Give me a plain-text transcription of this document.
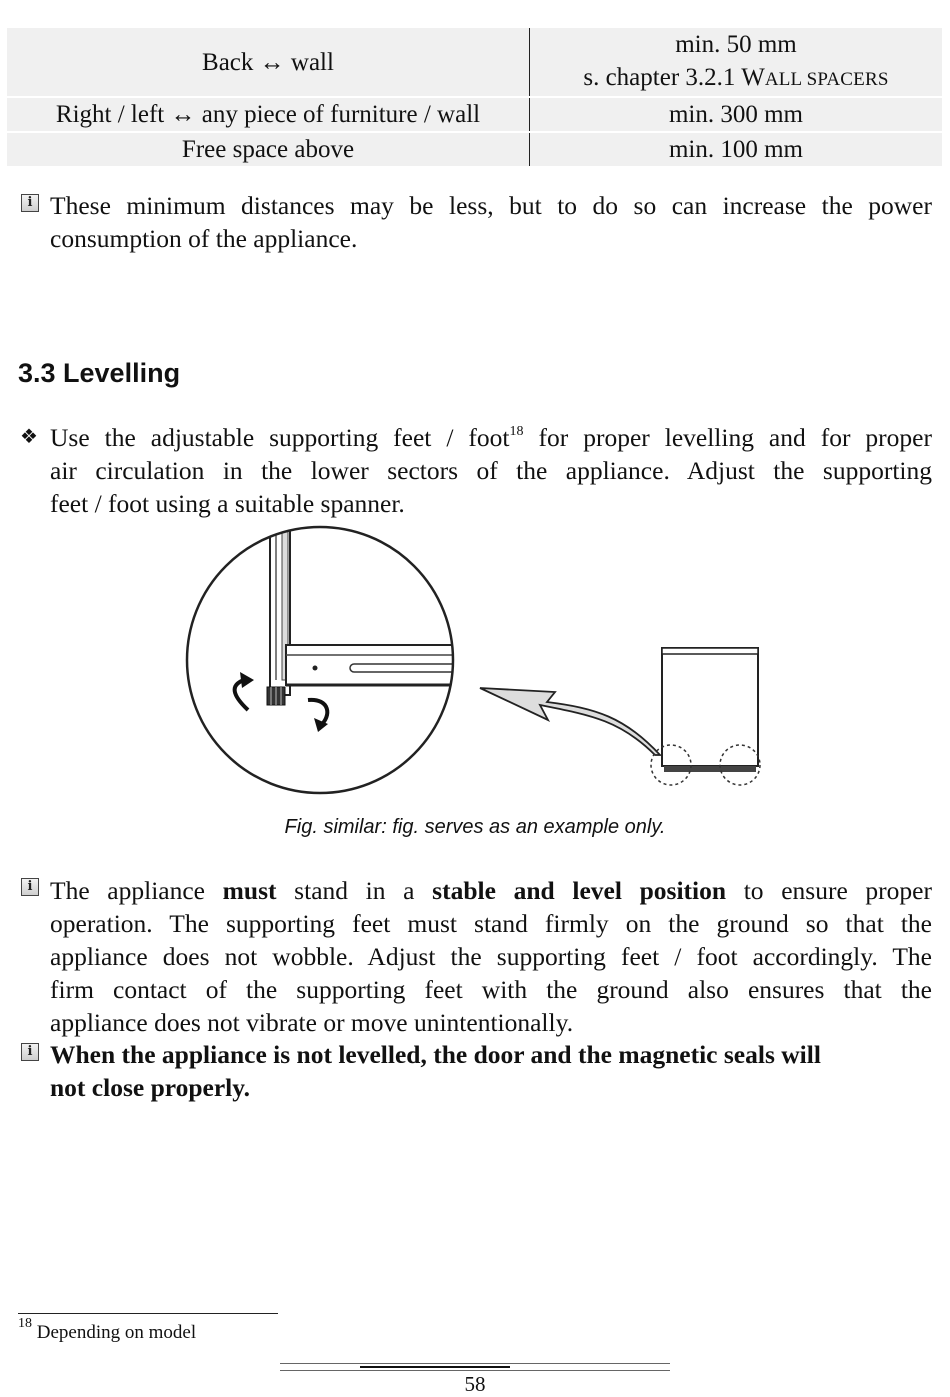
Back ↔ wall	min. 50 mm
s. chapter 3.2.1 WALL SPACERS

Right / left ↔ any piece of furniture / wall	min. 300 mm
Free space above	min. 100 mm
i These minimum distances may be less, but to do so can increase the power
consumption of the appliance.
3.3 Levelling
❖ Use the adjustable supporting feet / foot$^{18}$ for proper levelling and for proper
air circulation in the lower sectors of the appliance. Adjust the supporting
feet / foot using a suitable spanner.
Fig. similar: fig. serves as an example only.
i The appliance must stand in a stable and level position to ensure proper
operation. The supporting feet must stand firmly on the ground so that the
appliance does not wobble. Adjust the supporting feet / foot accordingly. The
firm contact of the supporting feet with the ground also ensures that the
appliance does not vibrate or move unintentionally.
i When the appliance is not levelled, the door and the magnetic seals will
not close properly.
$^{18}$ Depending on model
58
